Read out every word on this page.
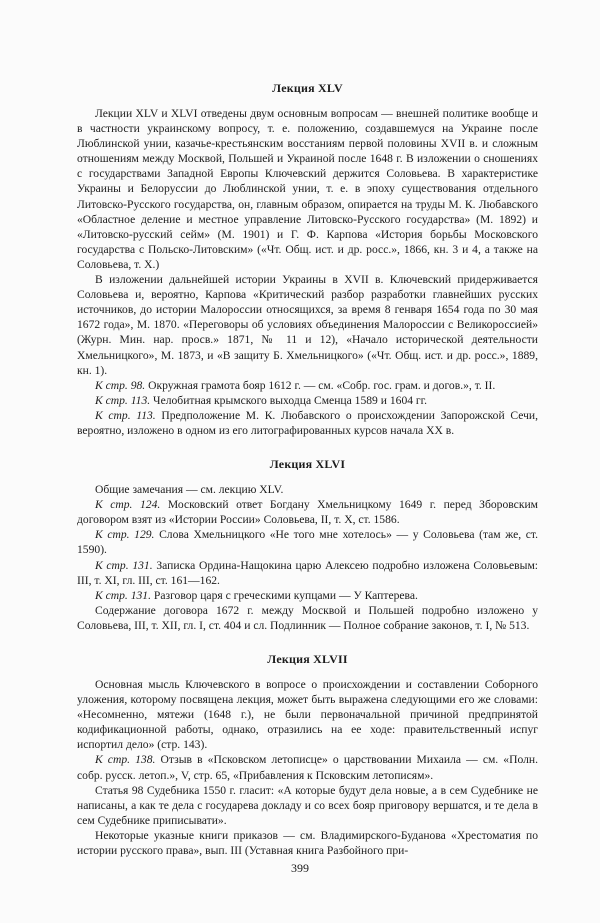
Лекция XLV

Лекции XLV и XLVI отведены двум основным вопросам — внешней политике вообще и в частности украинскому вопросу, т. е. положению, создавшемуся на Украине после Люблинской унии, казачье-крестьянским восстаниям первой половины XVII в. и сложным отношениям между Москвой, Польшей и Украиной после 1648 г. В изложении о сношениях с государствами Западной Европы Ключевский держится Соловьева. В характеристике Украины и Белоруссии до Люблинской унии, т. е. в эпоху существования отдельного Литовско-Русского государства, он, главным образом, опирается на труды М. К. Любавского «Областное деление и местное управление Литовско-Русского государства» (М. 1892) и «Литовско-русский сейм» (М. 1901) и Г. Ф. Карпова «История борьбы Московского государства с Польско-Литовским» («Чт. Общ. ист. и др. росс.», 1866, кн. 3 и 4, а также на Соловьева, т. Х.)

В изложении дальнейшей истории Украины в XVII в. Ключевский придерживается Соловьева и, вероятно, Карпова «Критический разбор разработки главнейших русских источников, до истории Малороссии относящихся, за время 8 генваря 1654 года по 30 мая 1672 года», М. 1870. «Переговоры об условиях объединения Малороссии с Великороссией» (Журн. Мин. нар. просв.» 1871, № 11 и 12), «Начало исторической деятельности Хмельницкого», М. 1873, и «В защиту Б. Хмельницкого» («Чт. Общ. ист. и др. росс.», 1889, кн. 1).

К стр. 98. Окружная грамота бояр 1612 г. — см. «Собр. гос. грам. и догов.», т. II.

К стр. 113. Челобитная крымского выходца Сменца 1589 и 1604 гг.

К стр. 113. Предположение М. К. Любавского о происхождении Запорожской Сечи, вероятно, изложено в одном из его литографированных курсов начала XX в.

Лекция XLVI

Общие замечания — см. лекцию XLV.

К стр. 124. Московский ответ Богдану Хмельницкому 1649 г. перед Зборовским договором взят из «Истории России» Соловьева, II, т. X, ст. 1586.

К стр. 129. Слова Хмельницкого «Не того мне хотелось» — у Соловьева (там же, ст. 1590).

К стр. 131. Записка Ордина-Нащокина царю Алексею подробно изложена Соловьевым: III, т. XI, гл. III, ст. 161—162.

К стр. 131. Разговор царя с греческими купцами — У Каптерева.

Содержание договора 1672 г. между Москвой и Польшей подробно изложено у Соловьева, III, т. XII, гл. I, ст. 404 и сл. Подлинник — Полное собрание законов, т. I, № 513.

Лекция XLVII

Основная мысль Ключевского в вопросе о происхождении и составлении Соборного уложения, которому посвящена лекция, может быть выражена следующими его же словами: «Несомненно, мятежи (1648 г.), не были первоначальной причиной предпринятой кодификационной работы, однако, отразились на ее ходе: правительственный испуг испортил дело» (стр. 143).

К стр. 138. Отзыв в «Псковском летописце» о царствовании Михаила — см. «Полн. собр. русск. летоп.», V, стр. 65, «Прибавления к Псковским летописям».

Статья 98 Судебника 1550 г. гласит: «А которые будут дела новые, а в сем Судебнике не написаны, а как те дела с государева докладу и со всех бояр приговору вершатся, и те дела в сем Судебнике приписывати».

Некоторые указные книги приказов — см. Владимирского-Буданова «Хрестоматия по истории русского права», вып. III (Уставная книга Разбойного при-

399
